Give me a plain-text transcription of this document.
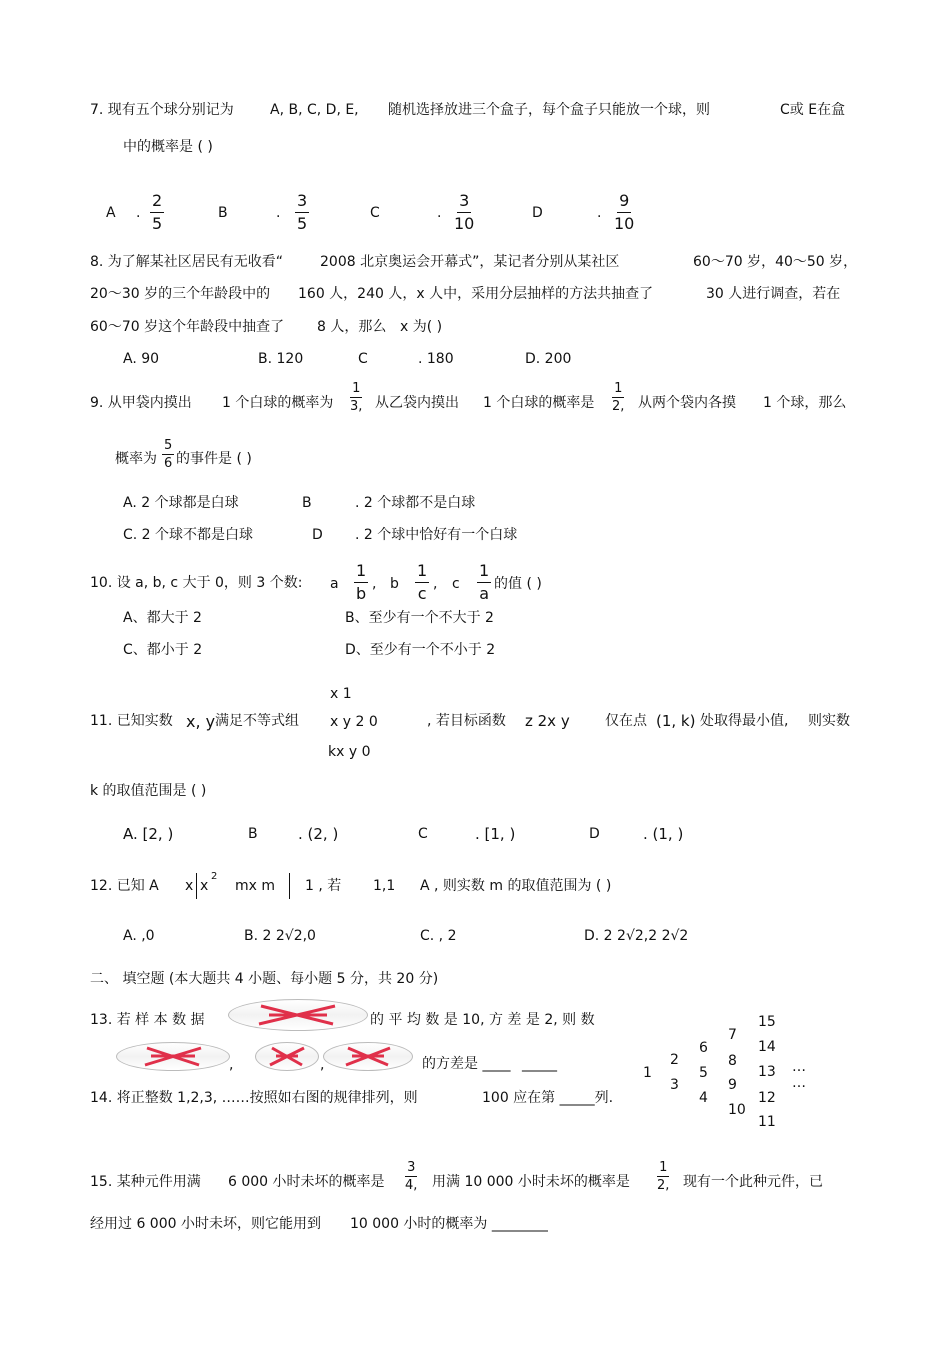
7. 现有五个球分别记为	A, B, C, D, E, 随机选择放进三个盒子，每个盒子只能放一个球，则	C或 E在盒
中的概率是 ( )
A . $\frac{2}{5}$	B	. $\frac{3}{5}$	C	. $\frac{3}{10}$	D	. $\frac{9}{10}$
8. 为了解某社区居民有无收看“	2008 北京奥运会开幕式”，某记者分别从某社区	60～70 岁，40～50 岁，
20～30 岁的三个年龄段中的 160 人，240 人，x 人中，采用分层抽样的方法共抽查了	30 人进行调查，若在
60～70 岁这个年龄段中抽查了 8 人，那么 x 为( )
A. 90	B. 120	C	. 180	D. 200
9. 从甲袋内摸出 1 个白球的概率为 $\frac{1}{3,}$ 从乙袋内摸出 1 个白球的概率是 $\frac{1}{2,}$ 从两个袋内各摸 1 个球，那么
概率为 $\frac{5}{6}$ 的事件是 ( )
A. 2 个球都是白球	B	. 2 个球都不是白球
C. 2 个球不都是白球	D . 2 个球中恰好有一个白球
10. 设 a, b, c 大于 0，则 3 个数: a $\frac{1}{b}$ , b $\frac{1}{c}$ , c $\frac{1}{a}$ 的值 ( )
A、都大于 2	B、至少有一个不大于 2
C、都小于 2	D、至少有一个不小于 2
x 1
x y 2 0
kx y 0
11. 已知实数 x, y 满足不等式组	, 若目标函数 z 2x y	仅在点 (1, k) 处取得最小值, 则实数
k 的取值范围是 ( )
A. [2, )	B	. (2, )	C	. [1, )	D	. (1, )
12. 已知 A x x
2
mx m 1 , 若 1,1 A , 则实数 m 的取值范围为 ( )
A. ,0	B. 2 2√2,0	C. , 2	D. 2 2√2,2 2√2
二、 填空题 (本大题共 4 小题、每小题 5 分，共 20 分)
13. 若 样 本 数 据	的 平 均 数 是 10, 方 差 是 2, 则 数
,	,	的方差是 ____ _____
15
7
14
6
2	8
13
1	5	…
…
3	9
4	12
10
11
14. 将正整数 1,2,3, ……按照如右图的规律排列，则	100 应在第 _____列.
15. 某种元件用满 6 000 小时未坏的概率是 $\frac{3}{4,}$ 用满 10 000 小时未坏的概率是 $\frac{1}{2,}$ 现有一个此种元件，已
经用过 6 000 小时未坏，则它能用到 10 000 小时的概率为 ________
